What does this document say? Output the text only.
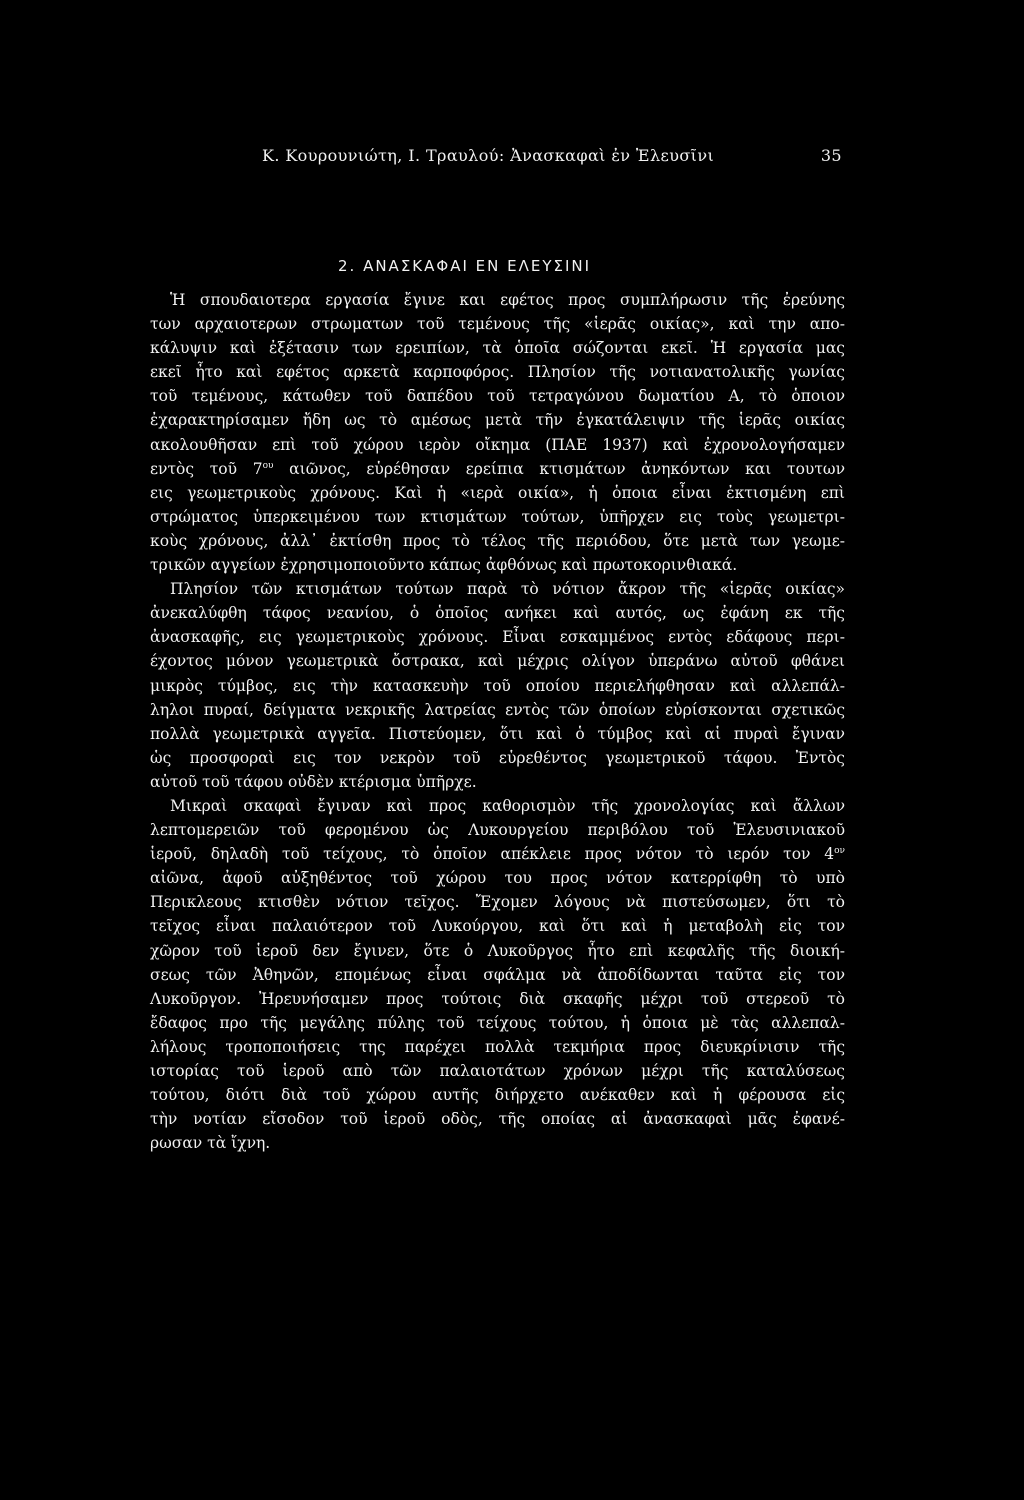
Κ. Κουρουνιώτη, Ι. Τραυλού: Ἀνασκαφαὶ ἐν Ἐλευσῖνι	35
2. ΑΝΑΣΚΑΦΑΙ ΕΝ ΕΛΕΥΣΙΝΙ
Ἡ σπουδαιοτερα εργασία ἔγινε και εφέτος προς συμπλήρωσιν τῆς ἐρεύνης
των αρχαιοτερων στρωματων τοῦ τεμένους τῆς «ἱερᾶς οικίας», καὶ την απο-
κάλυψιν καὶ ἐξέτασιν των ερειπίων, τὰ ὁποῖα σώζονται εκεῖ. Ἡ εργασία μας
εκεῖ ἦτο καὶ εφέτος αρκετὰ καρποφόρος. Πλησίον τῆς νοτιανατολικῆς γωνίας
τοῦ τεμένους, κάτωθεν τοῦ δαπέδου τοῦ τετραγώνου δωματίου Α, τὸ ὁποιον
ἐχαρακτηρίσαμεν ἤδη ως τὸ αμέσως μετὰ τῆν ἐγκατάλειψιν τῆς ἱερᾶς οικίας
ακολουθῆσαν επὶ τοῦ χώρου ιερὸν οἴκημα (ΠΑΕ 1937) καὶ ἐχρονολογήσαμεν
εντὸς τοῦ $7^{o\upsilon}$ αιῶνος, εὑρέθησαν ερείπια κτισμάτων ἀνηκόντων και τουτων
εις γεωμετρικοὺς χρόνους. Καὶ ἡ «ιερὰ οικία», ἡ ὁποια εἶναι ἐκτισμένη επὶ
στρώματος ὑπερκειμένου των κτισμάτων τούτων, ὑπῆρχεν εις τοὺς γεωμετρι-
κοὺς χρόνους, ἀλλ᾽ ἐκτίσθη προς τὸ τέλος τῆς περιόδου, ὅτε μετὰ των γεωμε-
τρικῶν αγγείων ἐχρησιμοποιοῦντο κάπως ἀφθόνως καὶ πρωτοκορινθιακά.
Πλησίον τῶν κτισμάτων τούτων παρὰ τὸ νότιον ἄκρον τῆς «ἱερᾶς οικίας»
ἀνεκαλύφθη τάφος νεανίου, ὁ ὁποῖος ανήκει καὶ αυτός, ως ἐφάνη εκ τῆς
ἀνασκαφῆς, εις γεωμετρικοὺς χρόνους. Εἶναι εσκαμμένος εντὸς εδάφους περι-
έχοντος μόνον γεωμετρικὰ ὄστρακα, καὶ μέχρις ολίγον ὑπεράνω αὐτοῦ φθάνει
μικρὸς τύμβος, εις τὴν κατασκευὴν τοῦ οποίου περιελήφθησαν καὶ αλλεπάλ-
ληλοι πυραί, δείγματα νεκρικῆς λατρείας εντὸς τῶν ὁποίων εὑρίσκονται σχετικῶς
πολλὰ γεωμετρικὰ αγγεῖα. Πιστεύομεν, ὅτι καὶ ὁ τύμβος καὶ αἱ πυραὶ ἔγιναν
ὡς προσφοραὶ εις τον νεκρὸν τοῦ εὑρεθέντος γεωμετρικοῦ τάφου. Ἐντὸς
αὐτοῦ τοῦ τάφου οὐδὲν κτέρισμα ὑπῆρχε.
Μικραὶ σκαφαὶ ἔγιναν καὶ προς καθορισμὸν τῆς χρονολογίας καὶ ἄλλων
λεπτομερειῶν τοῦ φερομένου ὡς Λυκουργείου περιβόλου τοῦ Ἐλευσινιακοῦ
ἱεροῦ, δηλαδὴ τοῦ τείχους, τὸ ὁποῖον απέκλειε προς νότον τὸ ιερόν τον $4^{o\nu}$
αἰῶνα, ἀφοῦ αὐξηθέντος τοῦ χώρου του προς νότον κατερρίφθη τὸ υπὸ
Περικλεους κτισθὲν νότιον τεῖχος. Ἔχομεν λόγους νὰ πιστεύσωμεν, ὅτι τὸ
τεῖχος εἶναι παλαιότερον τοῦ Λυκούργου, καὶ ὅτι καὶ ἡ μεταβολὴ εἰς τον
χῶρον τοῦ ἱεροῦ δεν ἔγινεν, ὅτε ὁ Λυκοῦργος ἦτο επὶ κεφαλῆς τῆς διοική-
σεως τῶν Ἀθηνῶν, επομένως εἶναι σφάλμα νὰ ἀποδίδωνται ταῦτα εἰς τον
Λυκοῦργον. Ἠρευνήσαμεν προς τούτοις διὰ σκαφῆς μέχρι τοῦ στερεοῦ τὸ
ἔδαφος προ τῆς μεγάλης πύλης τοῦ τείχους τούτου, ἡ ὁποια μὲ τὰς αλλεπαλ-
λήλους τροποποιήσεις της παρέχει πολλὰ τεκμήρια προς διευκρίνισιν τῆς
ιστορίας τοῦ ἱεροῦ απὸ τῶν παλαιοτάτων χρόνων μέχρι τῆς καταλύσεως
τούτου, διότι διὰ τοῦ χώρου αυτῆς διήρχετο ανέκαθεν καὶ ἡ φέρουσα εἰς
τὴν νοτίαν εἴσοδον τοῦ ἱεροῦ οδὸς, τῆς οποίας αἱ ἀνασκαφαὶ μᾶς ἐφανέ-
ρωσαν τὰ ἴχνη.
